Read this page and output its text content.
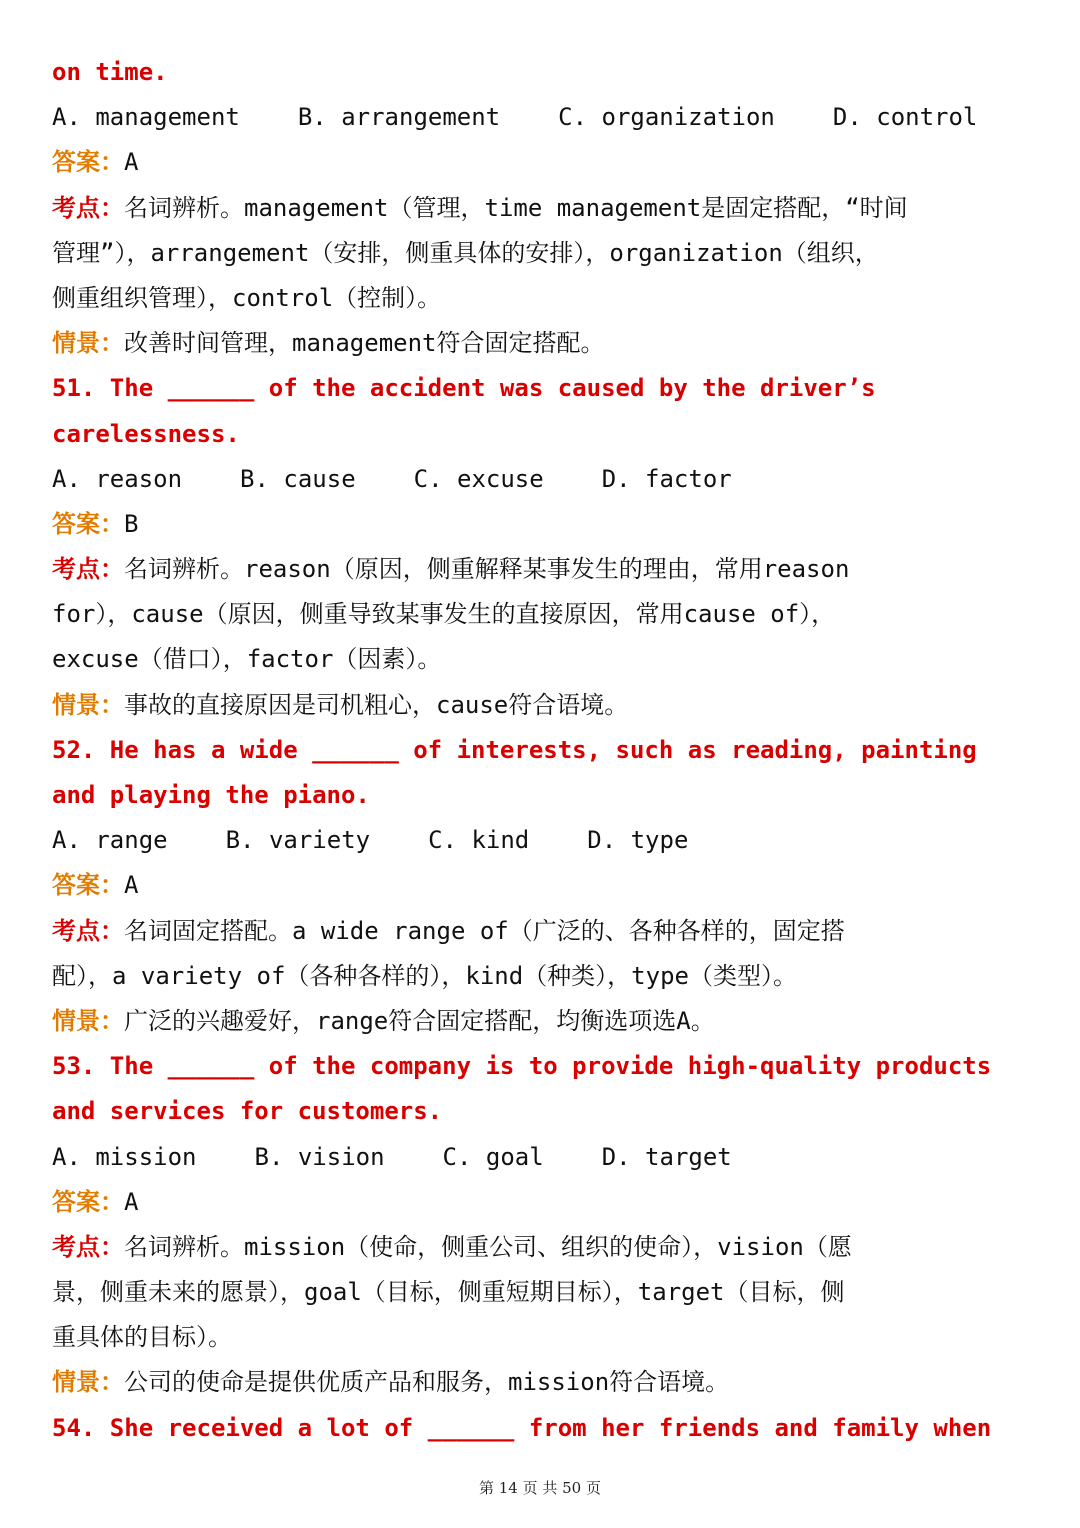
on time.
A. management B. arrangement C. organization D. control
答案：A
考点：名词辨析。management（管理，time management是固定搭配，“时间
管理”），arrangement（安排，侧重具体的安排），organization（组织，
侧重组织管理），control（控制）。
情景：改善时间管理，management符合固定搭配。
51. The ______ of the accident was caused by the driver’s
carelessness.
A. reason B. cause C. excuse D. factor
答案：B
考点：名词辨析。reason（原因，侧重解释某事发生的理由，常用reason
for），cause（原因，侧重导致某事发生的直接原因，常用cause of），
excuse（借口），factor（因素）。
情景：事故的直接原因是司机粗心，cause符合语境。
52. He has a wide ______ of interests, such as reading, painting
and playing the piano.
A. range B. variety C. kind D. type
答案：A
考点：名词固定搭配。a wide range of（广泛的、各种各样的，固定搭
配），a variety of（各种各样的），kind（种类），type（类型）。
情景：广泛的兴趣爱好，range符合固定搭配，均衡选项选A。
53. The ______ of the company is to provide high-quality products
and services for customers.
A. mission B. vision C. goal D. target
答案：A
考点：名词辨析。mission（使命，侧重公司、组织的使命），vision（愿
景，侧重未来的愿景），goal（目标，侧重短期目标），target（目标，侧
重具体的目标）。
情景：公司的使命是提供优质产品和服务，mission符合语境。
54. She received a lot of ______ from her friends and family when
第 14 页 共 50 页
